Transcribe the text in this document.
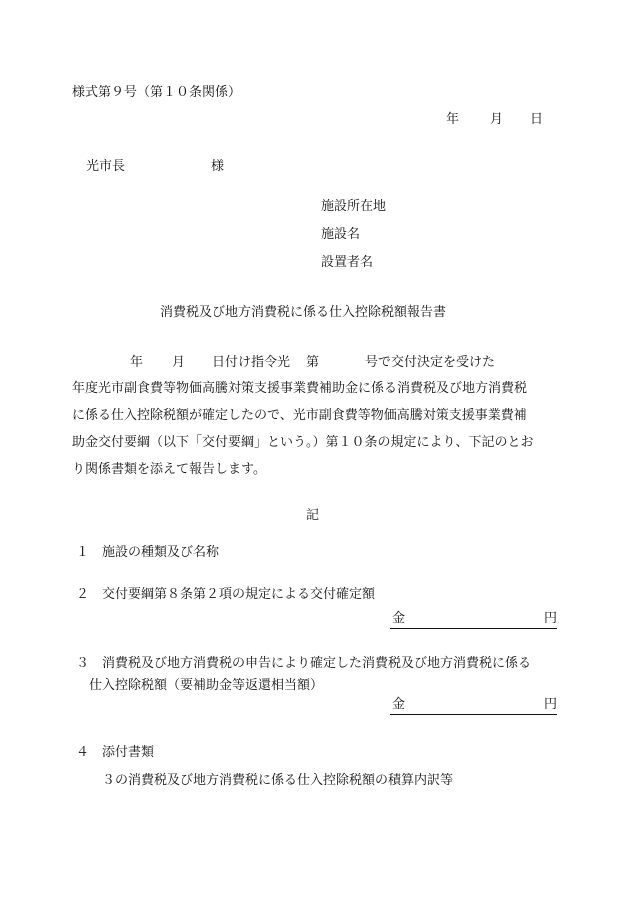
様式第９号（第１０条関係）
年 月 日
光市長	様
施設所在地
施設名
設置者名
消費税及び地方消費税に係る仕入控除税額報告書
年 月 日付け指令光 第	号で交付決定を受けた
年度光市副食費等物価高騰対策支援事業費補助金に係る消費税及び地方消費税
に係る仕入控除税額が確定したので、光市副食費等物価高騰対策支援事業費補
助金交付要綱（以下「交付要綱」という。）第１０条の規定により、下記のとお
り関係書類を添えて報告します。
記
１ 施設の種類及び名称
２ 交付要綱第８条第２項の規定による交付確定額
金	円
３ 消費税及び地方消費税の申告により確定した消費税及び地方消費税に係る
仕入控除税額（要補助金等返還相当額）
金	円
４ 添付書類
３の消費税及び地方消費税に係る仕入控除税額の積算内訳等
